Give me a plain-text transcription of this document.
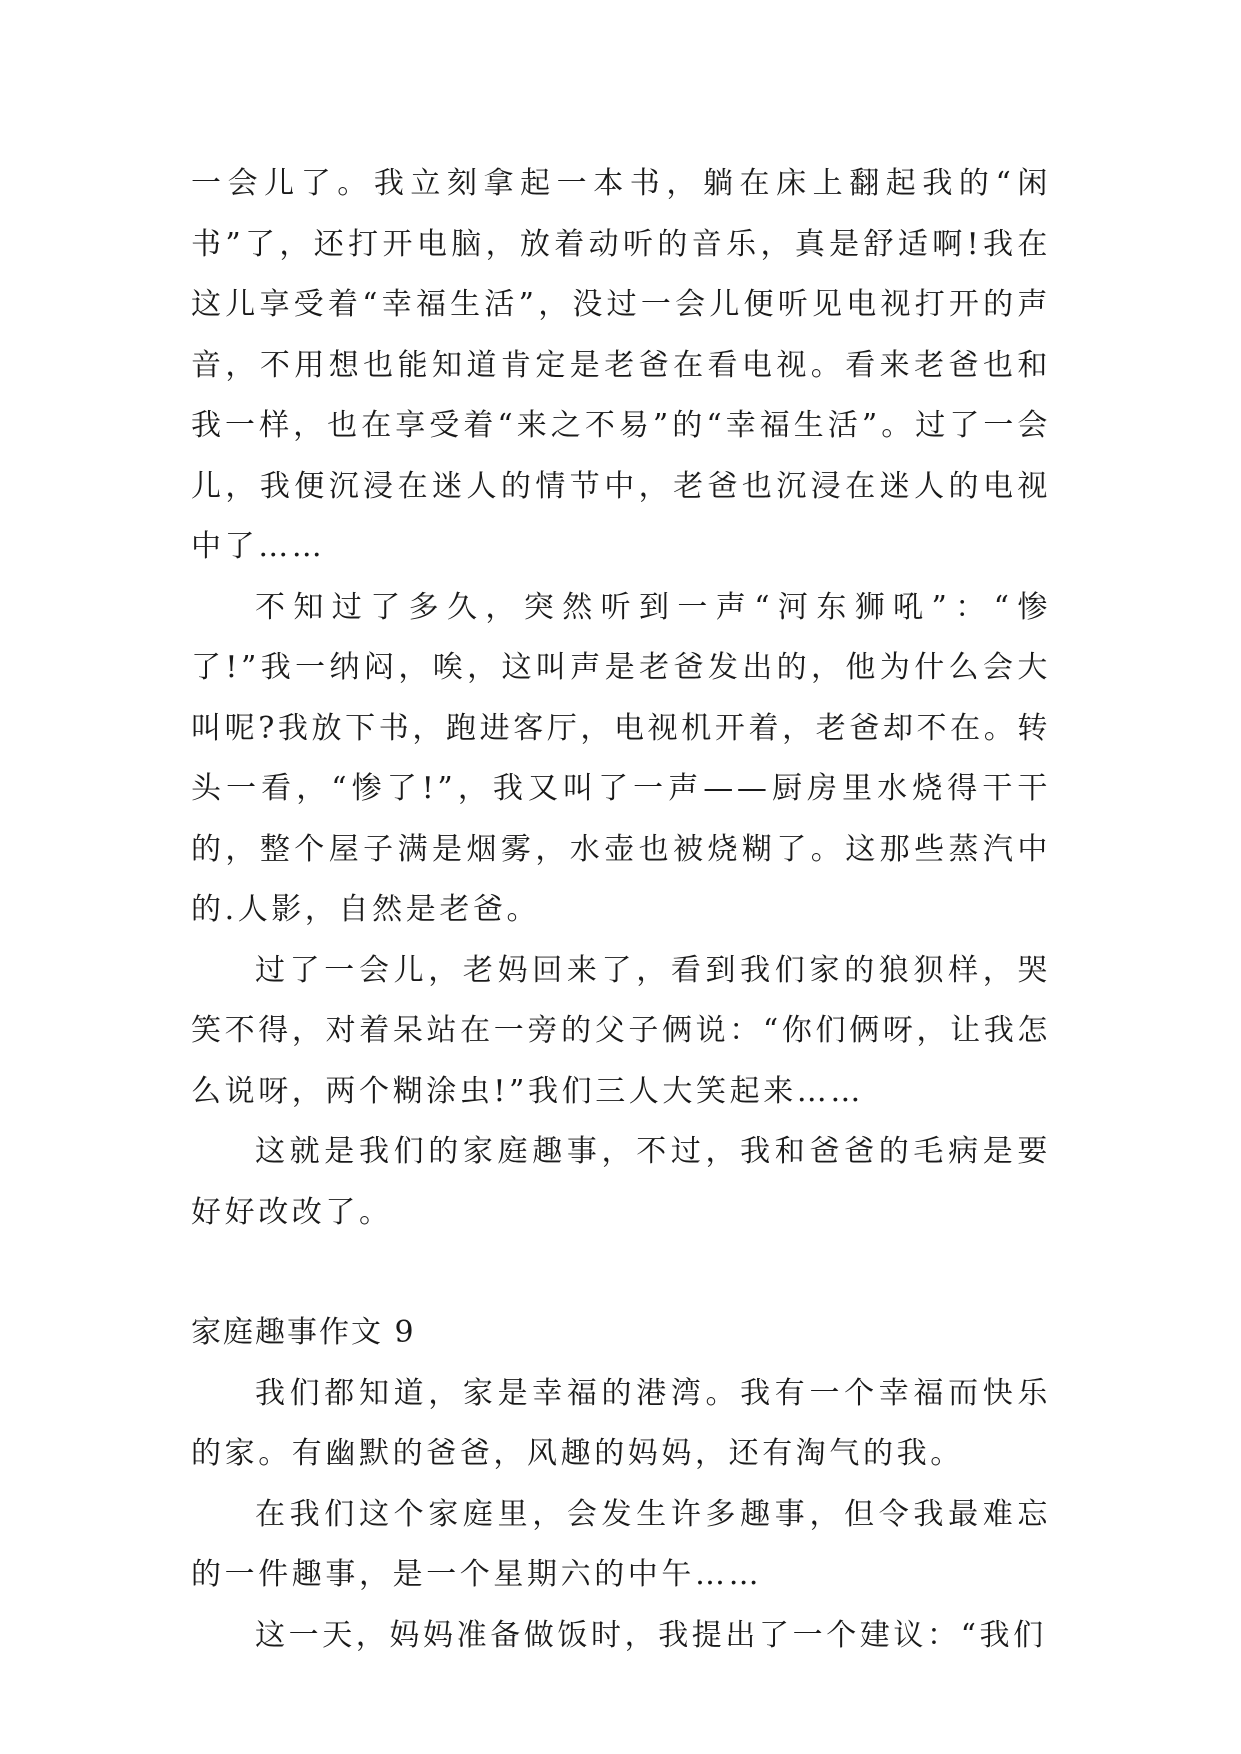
一会儿了。我立刻拿起一本书，躺在床上翻起我的“闲书”了，还打开电脑，放着动听的音乐，真是舒适啊!我在这儿享受着“幸福生活”，没过一会儿便听见电视打开的声音，不用想也能知道肯定是老爸在看电视。看来老爸也和我一样，也在享受着“来之不易”的“幸福生活”。过了一会儿，我便沉浸在迷人的情节中，老爸也沉浸在迷人的电视中了……

不知过了多久，突然听到一声“河东狮吼”：“惨了!”我一纳闷，唉，这叫声是老爸发出的，他为什么会大叫呢?我放下书，跑进客厅，电视机开着，老爸却不在。转头一看，“惨了!”，我又叫了一声——厨房里水烧得干干的，整个屋子满是烟雾，水壶也被烧糊了。这那些蒸汽中的.人影，自然是老爸。

过了一会儿，老妈回来了，看到我们家的狼狈样，哭笑不得，对着呆站在一旁的父子俩说：“你们俩呀，让我怎么说呀，两个糊涂虫!”我们三人大笑起来……

这就是我们的家庭趣事，不过，我和爸爸的毛病是要好好改改了。

家庭趣事作文 9

我们都知道，家是幸福的港湾。我有一个幸福而快乐的家。有幽默的爸爸，风趣的妈妈，还有淘气的我。

在我们这个家庭里，会发生许多趣事，但令我最难忘的一件趣事，是一个星期六的中午……

这一天，妈妈准备做饭时，我提出了一个建议：“我们
